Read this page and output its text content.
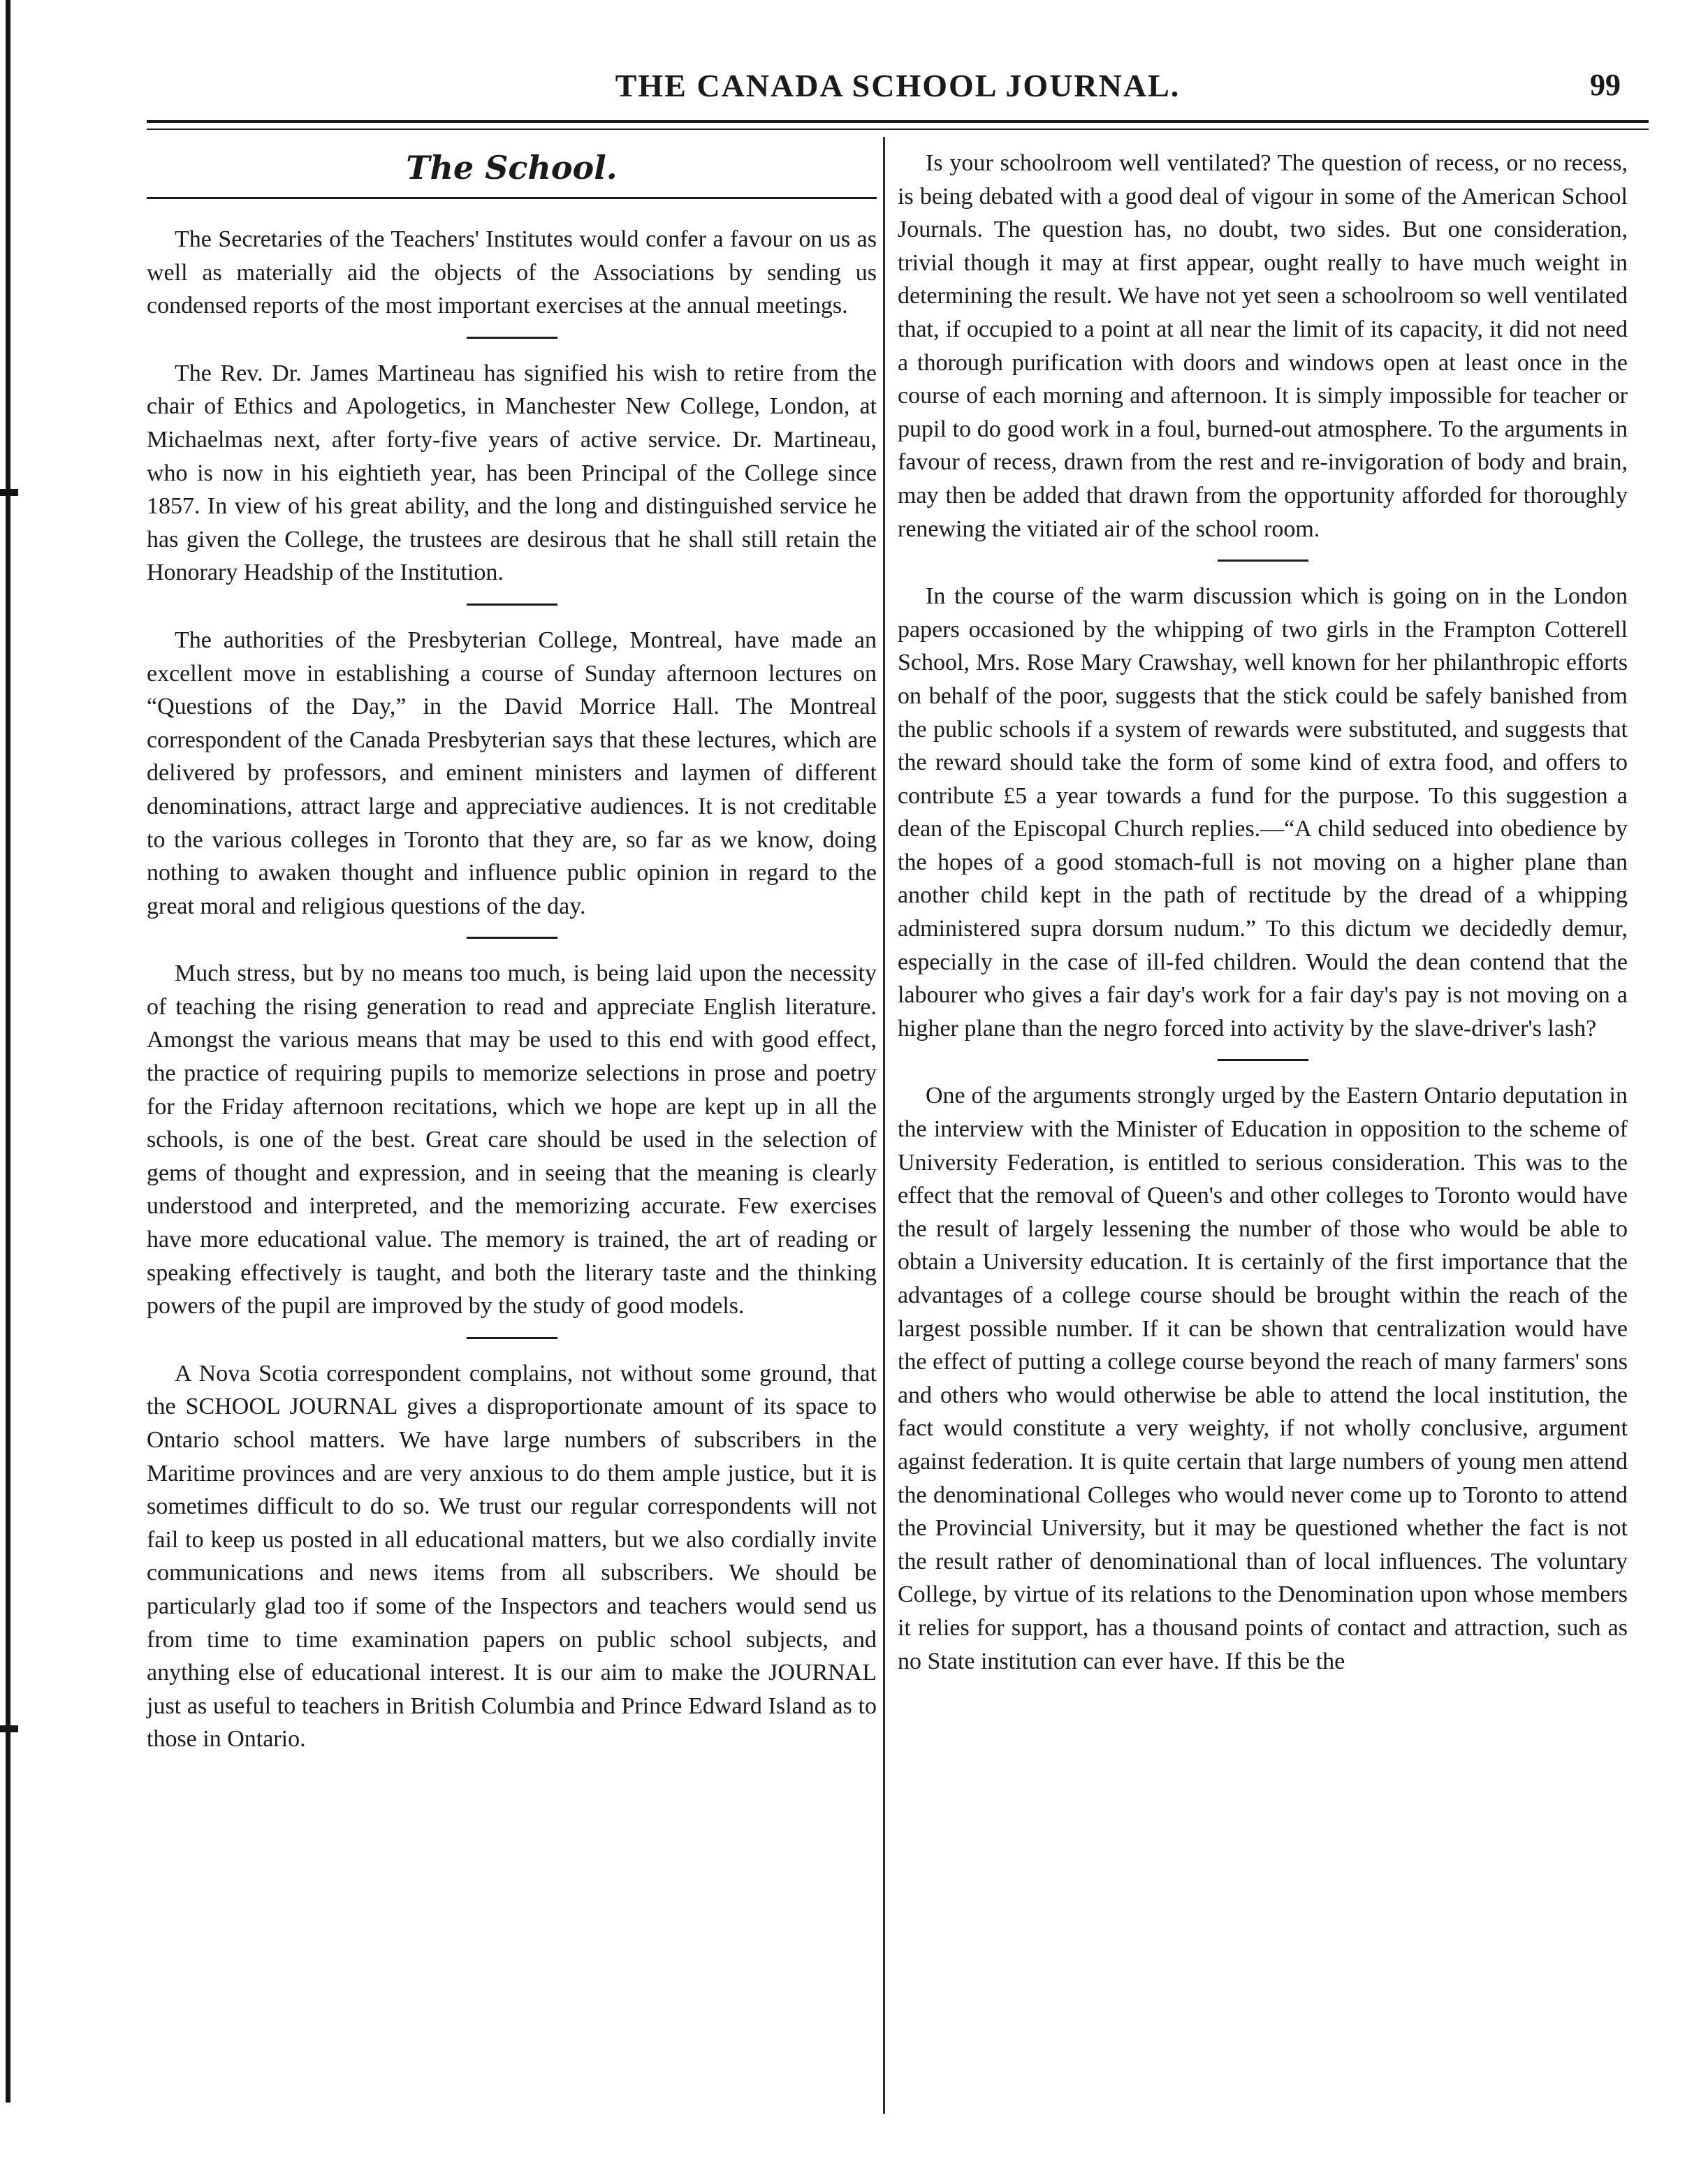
THE CANADA SCHOOL JOURNAL.	99
The School.

The Secretaries of the Teachers' Institutes would confer a favour on us as well as materially aid the objects of the Associations by sending us condensed reports of the most important exercises at the annual meetings.

The Rev. Dr. James Martineau has signified his wish to retire from the chair of Ethics and Apologetics, in Manchester New College, London, at Michaelmas next, after forty-five years of active service. Dr. Martineau, who is now in his eightieth year, has been Principal of the College since 1857. In view of his great ability, and the long and distinguished service he has given the College, the trustees are desirous that he shall still retain the Honorary Headship of the Institution.

The authorities of the Presbyterian College, Montreal, have made an excellent move in establishing a course of Sunday afternoon lectures on “Questions of the Day,” in the David Morrice Hall. The Montreal correspondent of the Canada Presbyterian says that these lectures, which are delivered by professors, and eminent ministers and laymen of different denominations, attract large and appreciative audiences. It is not creditable to the various colleges in Toronto that they are, so far as we know, doing nothing to awaken thought and influence public opinion in regard to the great moral and religious questions of the day.

Much stress, but by no means too much, is being laid upon the necessity of teaching the rising generation to read and appreciate English literature. Amongst the various means that may be used to this end with good effect, the practice of requiring pupils to memorize selections in prose and poetry for the Friday afternoon recitations, which we hope are kept up in all the schools, is one of the best. Great care should be used in the selection of gems of thought and expression, and in seeing that the meaning is clearly understood and interpreted, and the memorizing accurate. Few exercises have more educational value. The memory is trained, the art of reading or speaking effectively is taught, and both the literary taste and the thinking powers of the pupil are improved by the study of good models.

A Nova Scotia correspondent complains, not without some ground, that the SCHOOL JOURNAL gives a disproportionate amount of its space to Ontario school matters. We have large numbers of subscribers in the Maritime provinces and are very anxious to do them ample justice, but it is sometimes difficult to do so. We trust our regular correspondents will not fail to keep us posted in all educational matters, but we also cordially invite communications and news items from all subscribers. We should be particularly glad too if some of the Inspectors and teachers would send us from time to time examination papers on public school subjects, and anything else of educational interest. It is our aim to make the JOURNAL just as useful to teachers in British Columbia and Prince Edward Island as to those in Ontario.

Is your schoolroom well ventilated? The question of recess, or no recess, is being debated with a good deal of vigour in some of the American School Journals. The question has, no doubt, two sides. But one consideration, trivial though it may at first appear, ought really to have much weight in determining the result. We have not yet seen a schoolroom so well ventilated that, if occupied to a point at all near the limit of its capacity, it did not need a thorough purification with doors and windows open at least once in the course of each morning and afternoon. It is simply impossible for teacher or pupil to do good work in a foul, burned-out atmosphere. To the arguments in favour of recess, drawn from the rest and re-invigoration of body and brain, may then be added that drawn from the opportunity afforded for thoroughly renewing the vitiated air of the school room.

In the course of the warm discussion which is going on in the London papers occasioned by the whipping of two girls in the Frampton Cotterell School, Mrs. Rose Mary Crawshay, well known for her philanthropic efforts on behalf of the poor, suggests that the stick could be safely banished from the public schools if a system of rewards were substituted, and suggests that the reward should take the form of some kind of extra food, and offers to contribute £5 a year towards a fund for the purpose. To this suggestion a dean of the Episcopal Church replies.—“A child seduced into obedience by the hopes of a good stomach-full is not moving on a higher plane than another child kept in the path of rectitude by the dread of a whipping administered supra dorsum nudum.” To this dictum we decidedly demur, especially in the case of ill-fed children. Would the dean contend that the labourer who gives a fair day's work for a fair day's pay is not moving on a higher plane than the negro forced into activity by the slave-driver's lash?

One of the arguments strongly urged by the Eastern Ontario deputation in the interview with the Minister of Education in opposition to the scheme of University Federation, is entitled to serious consideration. This was to the effect that the removal of Queen's and other colleges to Toronto would have the result of largely lessening the number of those who would be able to obtain a University education. It is certainly of the first importance that the advantages of a college course should be brought within the reach of the largest possible number. If it can be shown that centralization would have the effect of putting a college course beyond the reach of many farmers' sons and others who would otherwise be able to attend the local institution, the fact would constitute a very weighty, if not wholly conclusive, argument against federation. It is quite certain that large numbers of young men attend the denominational Colleges who would never come up to Toronto to attend the Provincial University, but it may be questioned whether the fact is not the result rather of denominational than of local influences. The voluntary College, by virtue of its relations to the Denomination upon whose members it relies for support, has a thousand points of contact and attraction, such as no State institution can ever have. If this be the
